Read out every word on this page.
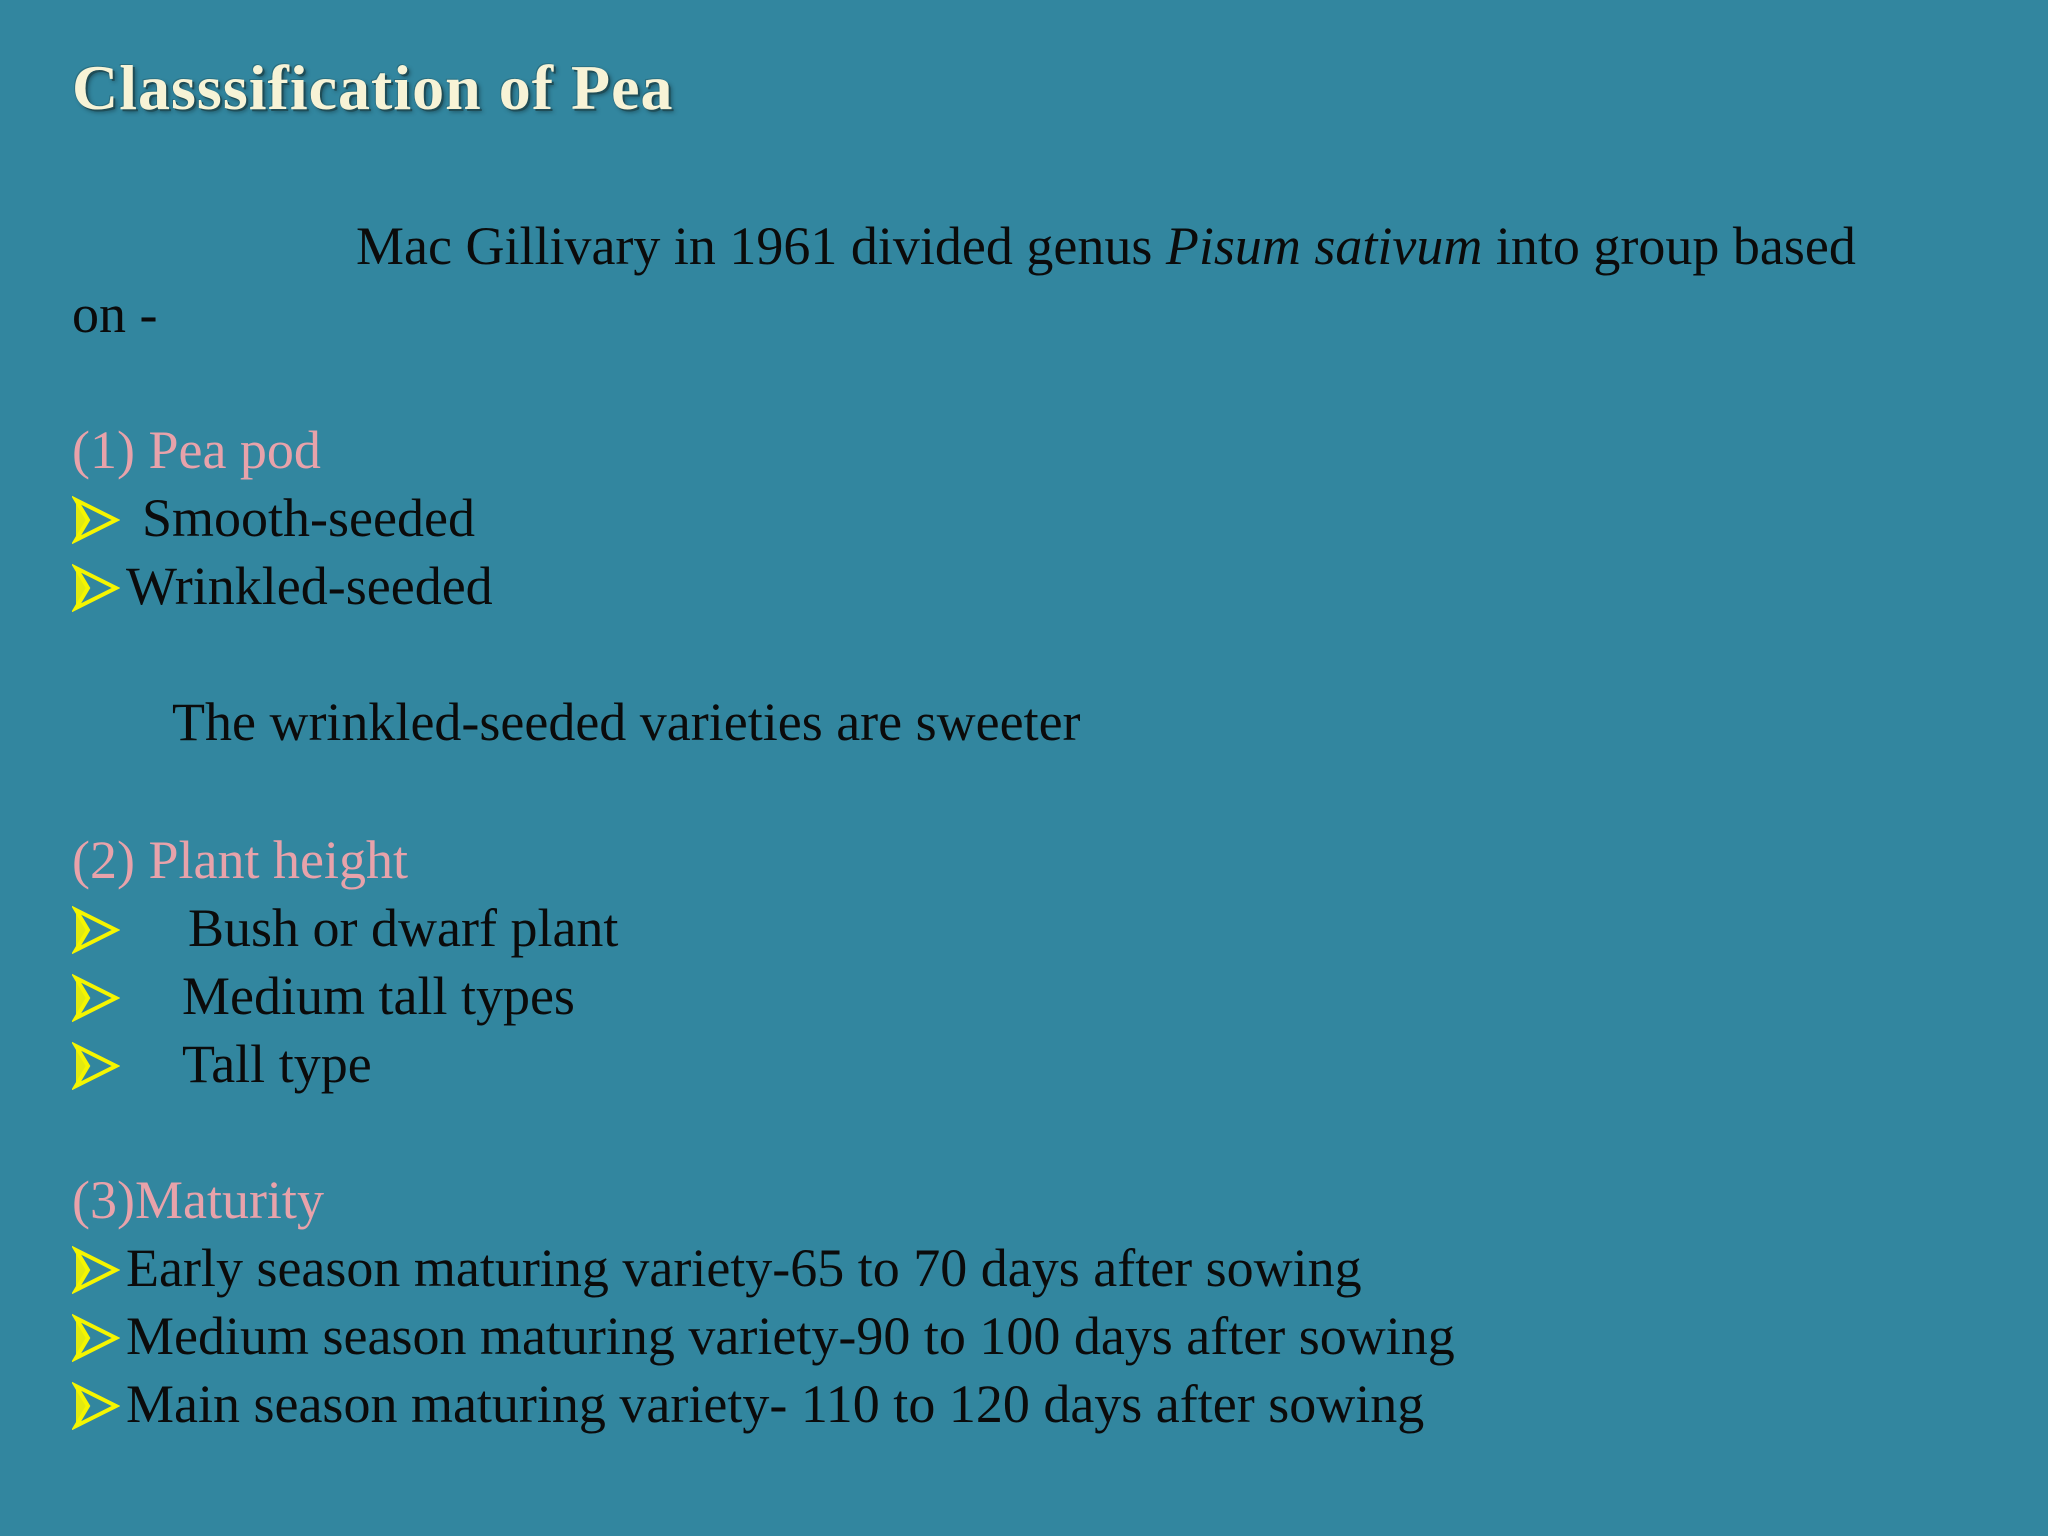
Classsification of Pea
Mac Gillivary in 1961 divided genus Pisum sativum into group based
on -
(1) Pea pod
Smooth-seeded
Wrinkled-seeded
The wrinkled-seeded varieties are sweeter
(2) Plant height
Bush or dwarf plant
Medium tall types
Tall type
(3)Maturity
Early season maturing variety-65 to 70 days after sowing
Medium season maturing variety-90 to 100 days after sowing
Main season maturing variety- 110 to 120 days after sowing
